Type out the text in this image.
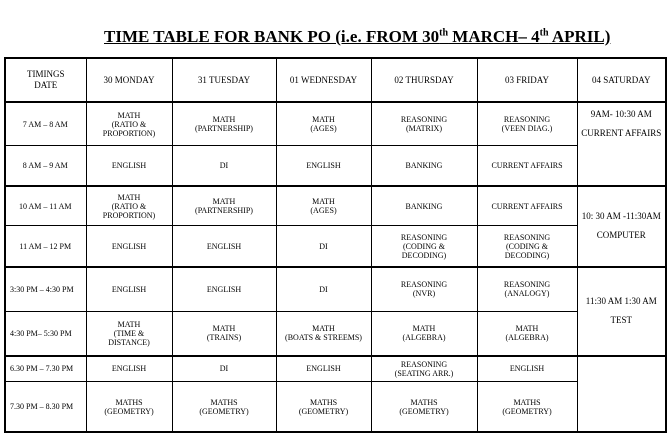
TIME TABLE FOR BANK PO (i.e. FROM 30th MARCH– 4th APRIL)
TIMINGS
DATE	30 MONDAY	31 TUESDAY	01 WEDNESDAY	02 THURSDAY	03 FRIDAY	04 SATURDAY
7 AM – 8 AM	MATH
(RATIO &
PROPORTION)	MATH
(PARTNERSHIP)	MATH
(AGES)	REASONING
(MATRIX)	REASONING
(VEEN DIAG.)	9AM- 10:30 AM
CURRENT AFFAIRS

8 AM – 9 AM	ENGLISH	DI	ENGLISH	BANKING	CURRENT AFFAIRS	
10 AM – 11 AM	MATH
(RATIO &
PROPORTION)	MATH
(PARTNERSHIP)	MATH
(AGES)	BANKING	CURRENT AFFAIRS	10: 30 AM -11:30AM
COMPUTER

11 AM – 12 PM	ENGLISH	ENGLISH	DI	REASONING
(CODING &
DECODING)	REASONING
(CODING &
DECODING)	

3:30 PM – 4:30 PM	ENGLISH	ENGLISH	DI	REASONING
(NVR)	REASONING
(ANALOGY)	11:30 AM 1:30 AM
TEST

4:30 PM– 5:30 PM	MATH
(TIME &
DISTANCE)	MATH
(TRAINS)	MATH
(BOATS & STREEMS)	MATH
(ALGEBRA)	MATH
(ALGEBRA)	

6.30 PM – 7.30 PM	ENGLISH	DI	ENGLISH	REASONING
(SEATING ARR.)	ENGLISH	
7.30 PM – 8.30 PM	MATHS
(GEOMETRY)	MATHS
(GEOMETRY)	MATHS
(GEOMETRY)	MATHS
(GEOMETRY)	MATHS
(GEOMETRY)	
